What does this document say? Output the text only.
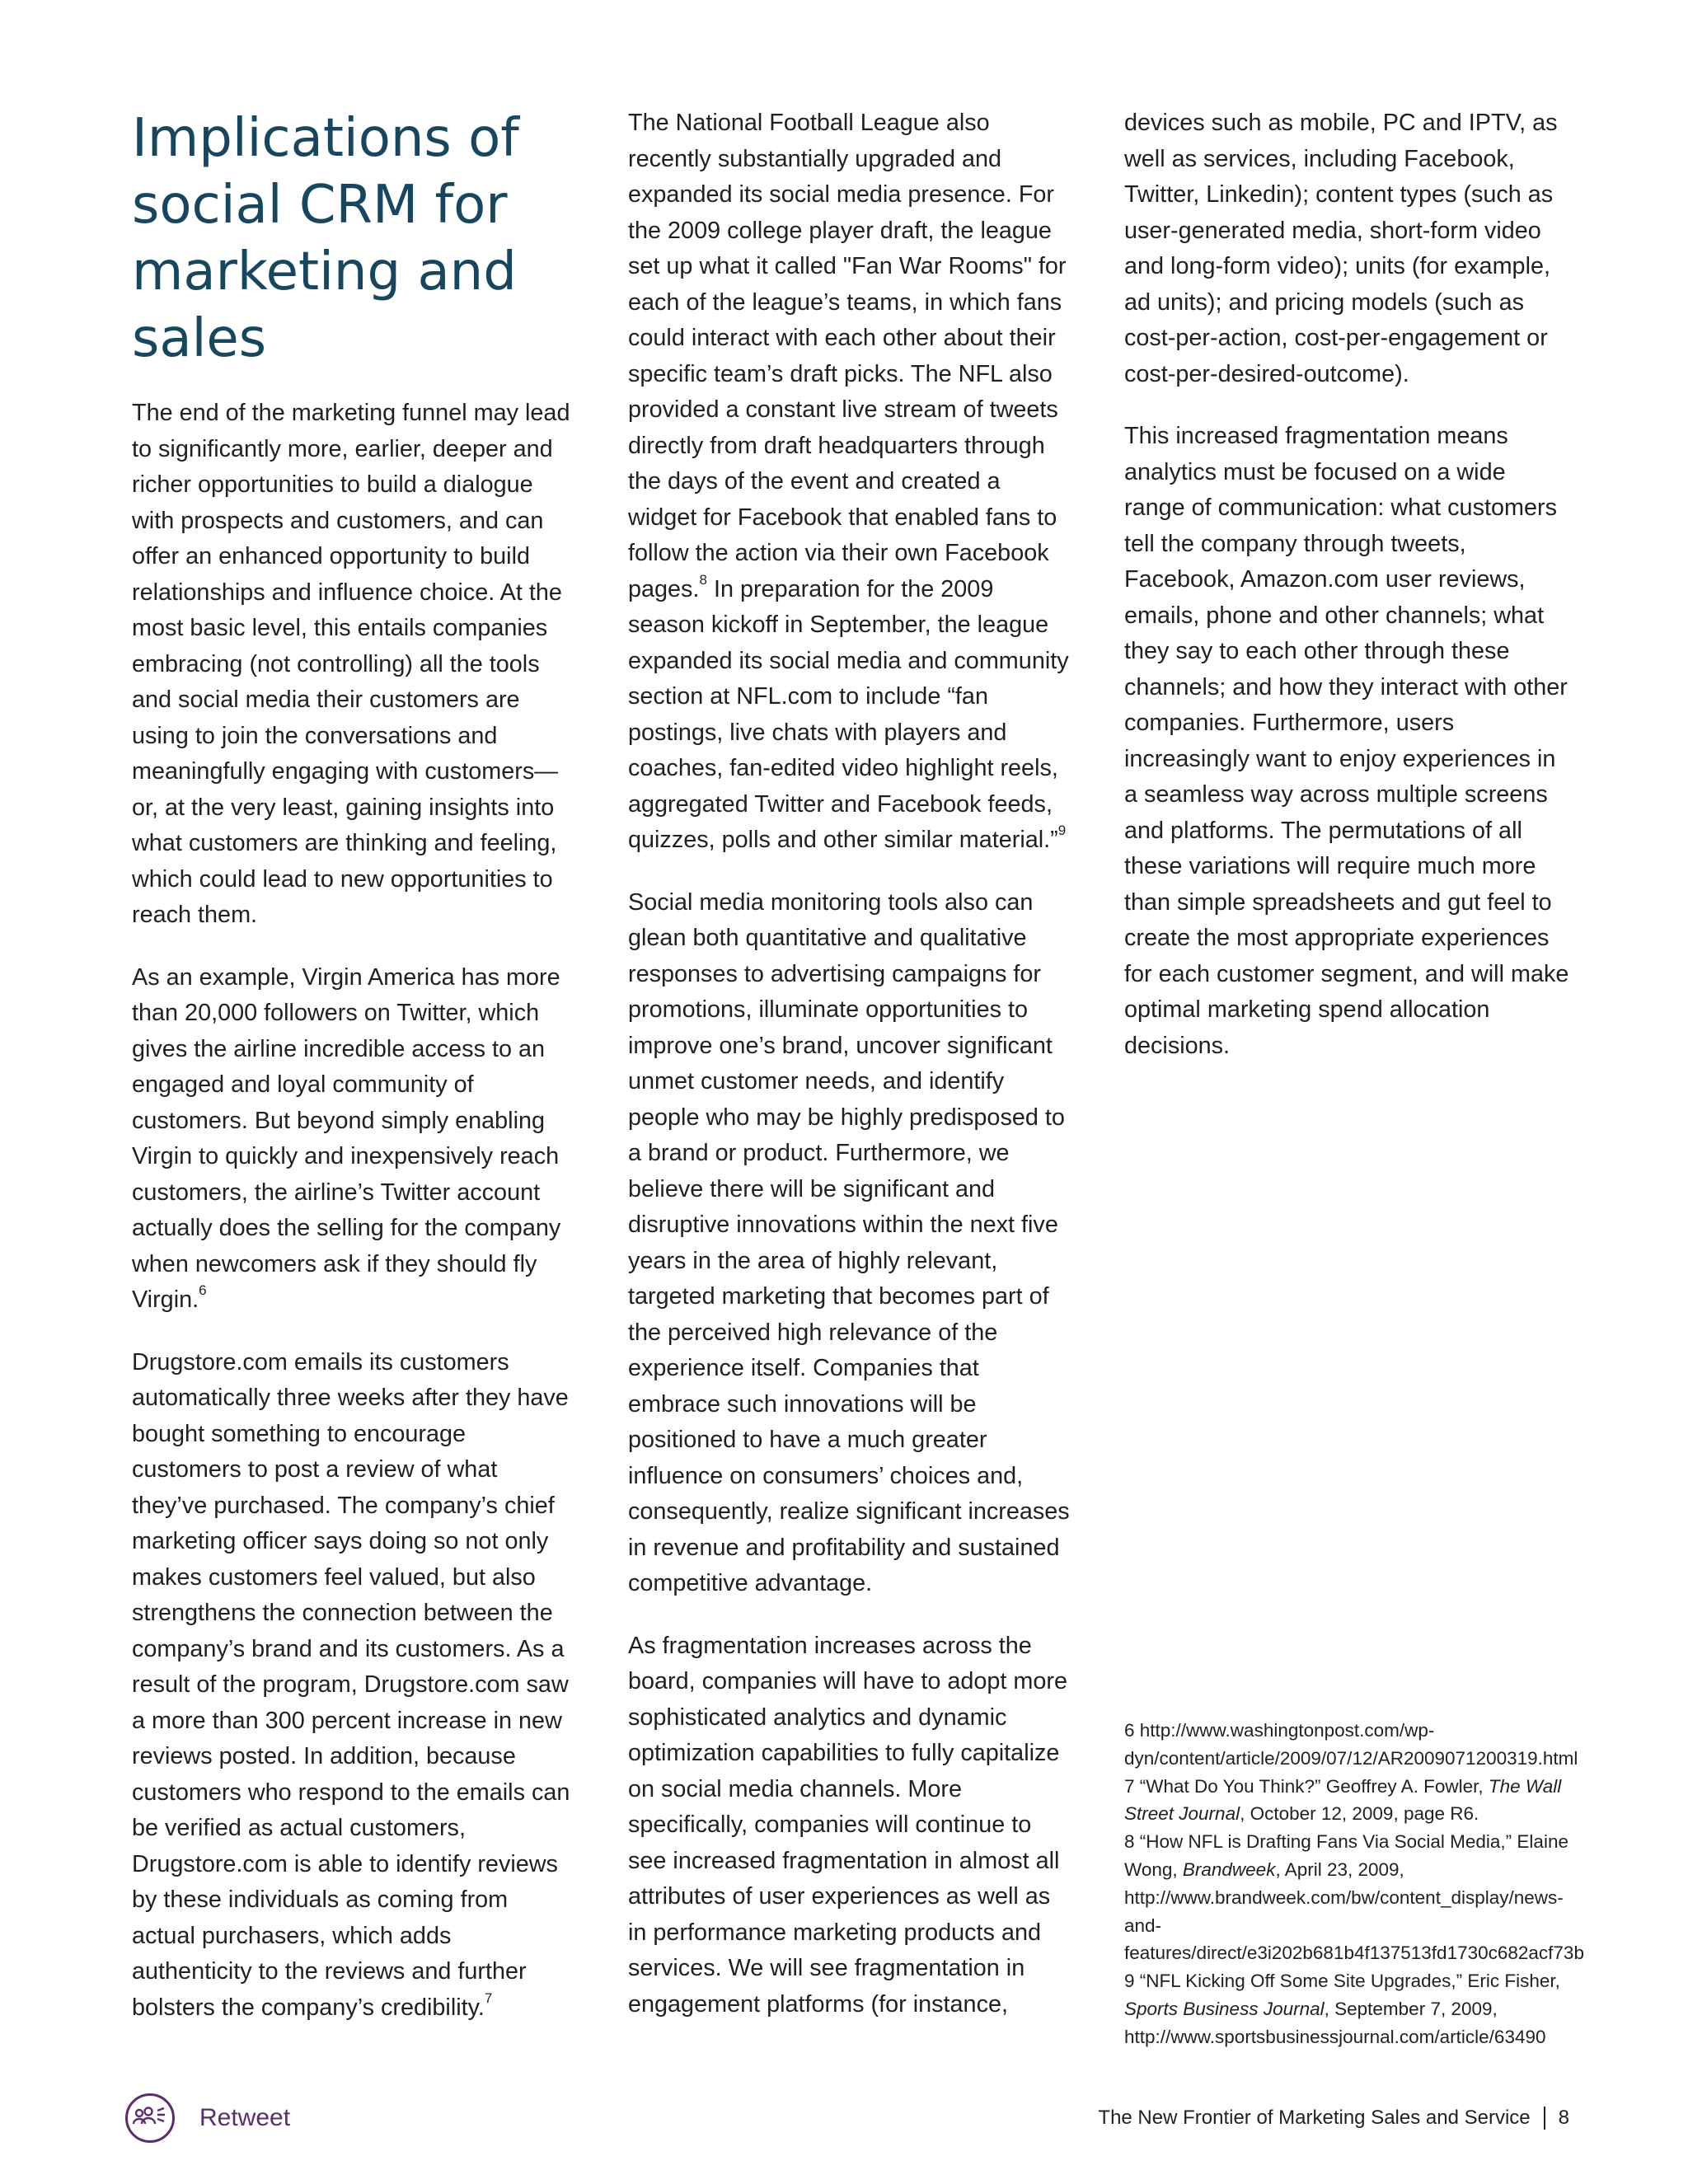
Implications of social CRM for marketing and sales

The end of the marketing funnel may lead to significantly more, earlier, deeper and richer opportunities to build a dialogue with prospects and customers, and can offer an enhanced opportunity to build relationships and influence choice. At the most basic level, this entails companies embracing (not controlling) all the tools and social media their customers are using to join the conversations and meaningfully engaging with customers—or, at the very least, gaining insights into what customers are thinking and feeling, which could lead to new opportunities to reach them.

As an example, Virgin America has more than 20,000 followers on Twitter, which gives the airline incredible access to an engaged and loyal community of customers. But beyond simply enabling Virgin to quickly and inexpensively reach customers, the airline’s Twitter account actually does the selling for the company when newcomers ask if they should fly Virgin.$^6$

Drugstore.com emails its customers automatically three weeks after they have bought something to encourage customers to post a review of what they’ve purchased. The company’s chief marketing officer says doing so not only makes customers feel valued, but also strengthens the connection between the company’s brand and its customers. As a result of the program, Drugstore.com saw a more than 300 percent increase in new reviews posted. In addition, because customers who respond to the emails can be verified as actual customers, Drugstore.com is able to identify reviews by these individuals as coming from actual purchasers, which adds authenticity to the reviews and further bolsters the company’s credibility.$^7$

The National Football League also recently substantially upgraded and expanded its social media presence. For the 2009 college player draft, the league set up what it called "Fan War Rooms" for each of the league’s teams, in which fans could interact with each other about their specific team’s draft picks. The NFL also provided a constant live stream of tweets directly from draft headquarters through the days of the event and created a widget for Facebook that enabled fans to follow the action via their own Facebook pages.$^8$ In preparation for the 2009 season kickoff in September, the league expanded its social media and community section at NFL.com to include “fan postings, live chats with players and coaches, fan-edited video highlight reels, aggregated Twitter and Facebook feeds, quizzes, polls and other similar material.”$^9$

Social media monitoring tools also can glean both quantitative and qualitative responses to advertising campaigns for promotions, illuminate opportunities to improve one’s brand, uncover significant unmet customer needs, and identify people who may be highly predisposed to a brand or product. Furthermore, we believe there will be significant and disruptive innovations within the next five years in the area of highly relevant, targeted marketing that becomes part of the perceived high relevance of the experience itself. Companies that embrace such innovations will be positioned to have a much greater influence on consumers’ choices and, consequently, realize significant increases in revenue and profitability and sustained competitive advantage.

As fragmentation increases across the board, companies will have to adopt more sophisticated analytics and dynamic optimization capabilities to fully capitalize on social media channels. More specifically, companies will continue to see increased fragmentation in almost all attributes of user experiences as well as in performance marketing products and services. We will see fragmentation in engagement platforms (for instance,

devices such as mobile, PC and IPTV, as well as services, including Facebook, Twitter, Linkedin); content types (such as user-generated media, short-form video and long-form video); units (for example, ad units); and pricing models (such as cost-per-action, cost-per-engagement or cost-per-desired-outcome).

This increased fragmentation means analytics must be focused on a wide range of communication: what customers tell the company through tweets, Facebook, Amazon.com user reviews, emails, phone and other channels; what they say to each other through these channels; and how they interact with other companies. Furthermore, users increasingly want to enjoy experiences in a seamless way across multiple screens and platforms. The permutations of all these variations will require much more than simple spreadsheets and gut feel to create the most appropriate experiences for each customer segment, and will make optimal marketing spend allocation decisions.

6 http://www.washingtonpost.com/wp-dyn/content/article/2009/07/12/AR2009071200319.html
7 “What Do You Think?” Geoffrey A. Fowler, The Wall Street Journal, October 12, 2009, page R6.
8 “How NFL is Drafting Fans Via Social Media,” Elaine Wong, Brandweek, April 23, 2009, http://www.brandweek.com/bw/content_display/news-and-features/direct/e3i202b681b4f137513fd1730c682acf73b
9 “NFL Kicking Off Some Site Upgrades,” Eric Fisher, Sports Business Journal, September 7, 2009, http://www.sportsbusinessjournal.com/article/63490
Retweet	The New Frontier of Marketing Sales and Service 8
